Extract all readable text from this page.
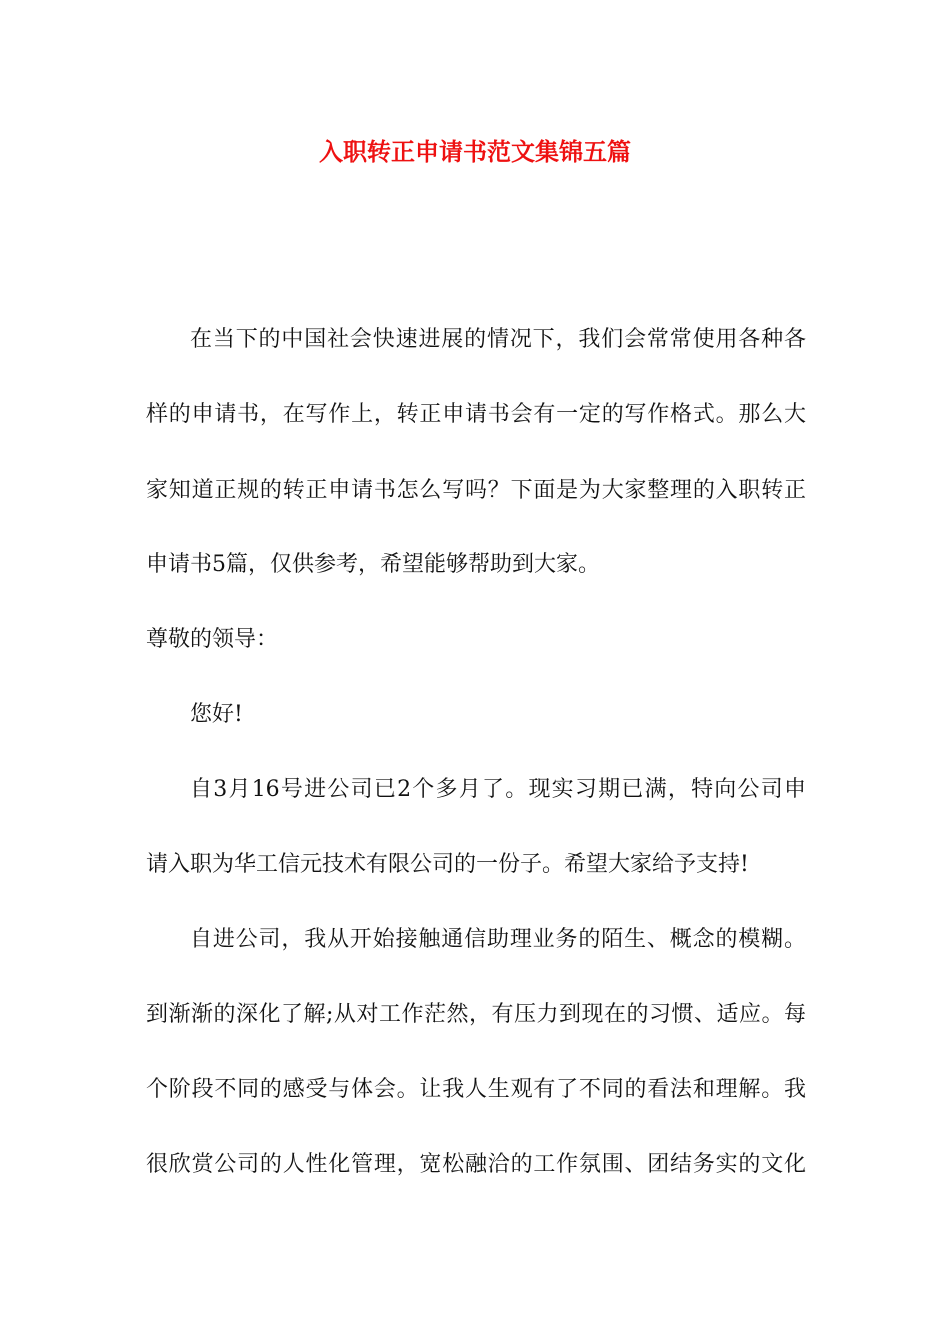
入职转正申请书范文集锦五篇
在当下的中国社会快速进展的情况下，我们会常常使用各种各
样的申请书，在写作上，转正申请书会有一定的写作格式。那么大
家知道正规的转正申请书怎么写吗？下面是为大家整理的入职转正
申请书5篇，仅供参考，希望能够帮助到大家。
尊敬的领导：
您好!
自3月16号进公司已2个多月了。现实习期已满，特向公司申
请入职为华工信元技术有限公司的一份子。希望大家给予支持!
自进公司，我从开始接触通信助理业务的陌生、概念的模糊。
到渐渐的深化了解;从对工作茫然，有压力到现在的习惯、适应。每
个阶段不同的感受与体会。让我人生观有了不同的看法和理解。我
很欣赏公司的人性化管理，宽松融洽的工作氛围、团结务实的文化
